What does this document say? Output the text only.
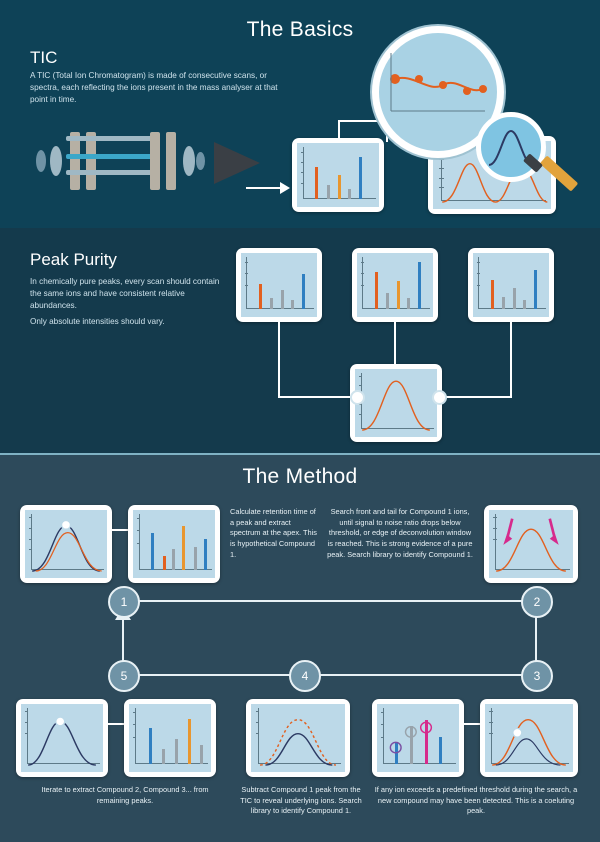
The Basics
TIC
A TIC (Total Ion Chromatogram) is made of consecutive scans, or spectra, each reflecting the ions present in the mass analyser at that point in time.
Peak Purity
In chemically pure peaks, every scan should contain the same ions and have consistent relative abundances.
Only absolute intensities should vary.
The Method
Calculate retention time of a peak and extract spectrum at the apex. This is hypothetical Compound 1.
Search front and tail for Compound 1 ions, until signal to noise ratio drops below threshold, or edge of deconvolution window is reached. This is strong evidence of a pure peak. Search library to identify Compound 1.
1	2
3
4
5
Iterate to extract Compound 2, Compound 3... from remaining peaks.
Subtract Compound 1 peak from the TIC to reveal underlying ions. Search library to identify Compound 1.
If any ion exceeds a predefined threshold during the search, a new compound may have been detected. This is a coeluting peak.
